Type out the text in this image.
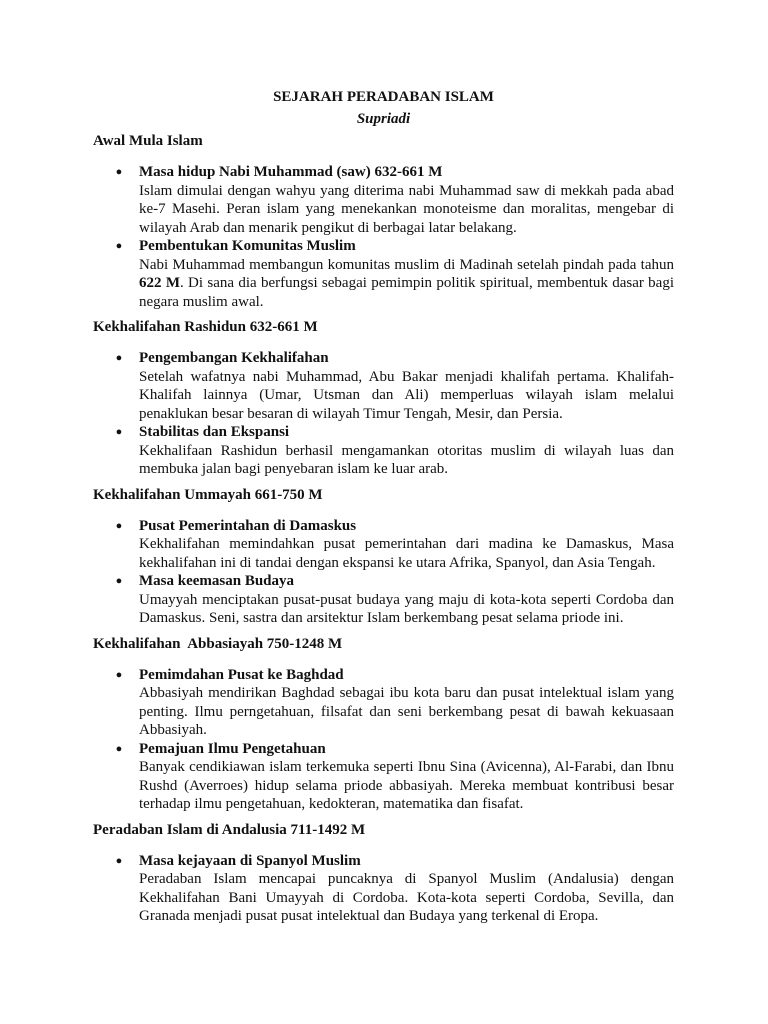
SEJARAH PERADABAN ISLAM

Supriadi

Awal Mula Islam

● Masa hidup Nabi Muhammad (saw) 632-661 M

Islam dimulai dengan wahyu yang diterima nabi Muhammad saw di mekkah pada abad ke-7 Masehi. Peran islam yang menekankan monoteisme dan moralitas, mengebar di wilayah Arab dan menarik pengikut di berbagai latar belakang.

● Pembentukan Komunitas Muslim

Nabi Muhammad membangun komunitas muslim di Madinah setelah pindah pada tahun 622 M. Di sana dia berfungsi sebagai pemimpin politik spiritual, membentuk dasar bagi negara muslim awal.

Kekhalifahan Rashidun 632-661 M

● Pengembangan Kekhalifahan

Setelah wafatnya nabi Muhammad, Abu Bakar menjadi khalifah pertama. Khalifah-Khalifah lainnya (Umar, Utsman dan Ali) memperluas wilayah islam melalui penaklukan besar besaran di wilayah Timur Tengah, Mesir, dan Persia.

● Stabilitas dan Ekspansi

Kekhalifaan Rashidun berhasil mengamankan otoritas muslim di wilayah luas dan membuka jalan bagi penyebaran islam ke luar arab.

Kekhalifahan Ummayah 661-750 M

● Pusat Pemerintahan di Damaskus

Kekhalifahan memindahkan pusat pemerintahan dari madina ke Damaskus, Masa kekhalifahan ini di tandai dengan ekspansi ke utara Afrika, Spanyol, dan Asia Tengah.

● Masa keemasan Budaya

Umayyah menciptakan pusat-pusat budaya yang maju di kota-kota seperti Cordoba dan Damaskus. Seni, sastra dan arsitektur Islam berkembang pesat selama priode ini.

Kekhalifahan  Abbasiayah 750-1248 M

● Pemimdahan Pusat ke Baghdad

Abbasiyah mendirikan Baghdad sebagai ibu kota baru dan pusat intelektual islam yang penting. Ilmu perngetahuan, filsafat dan seni berkembang pesat di bawah kekuasaan Abbasiyah.

● Pemajuan Ilmu Pengetahuan

Banyak cendikiawan islam terkemuka seperti Ibnu Sina (Avicenna), Al-Farabi, dan Ibnu Rushd (Averroes) hidup selama priode abbasiyah. Mereka membuat kontribusi besar terhadap ilmu pengetahuan, kedokteran, matematika dan fisafat.

Peradaban Islam di Andalusia 711-1492 M

● Masa kejayaan di Spanyol Muslim

Peradaban Islam mencapai puncaknya di Spanyol Muslim (Andalusia) dengan Kekhalifahan Bani Umayyah di Cordoba. Kota-kota seperti Cordoba, Sevilla, dan Granada menjadi pusat pusat intelektual dan Budaya yang terkenal di Eropa.
